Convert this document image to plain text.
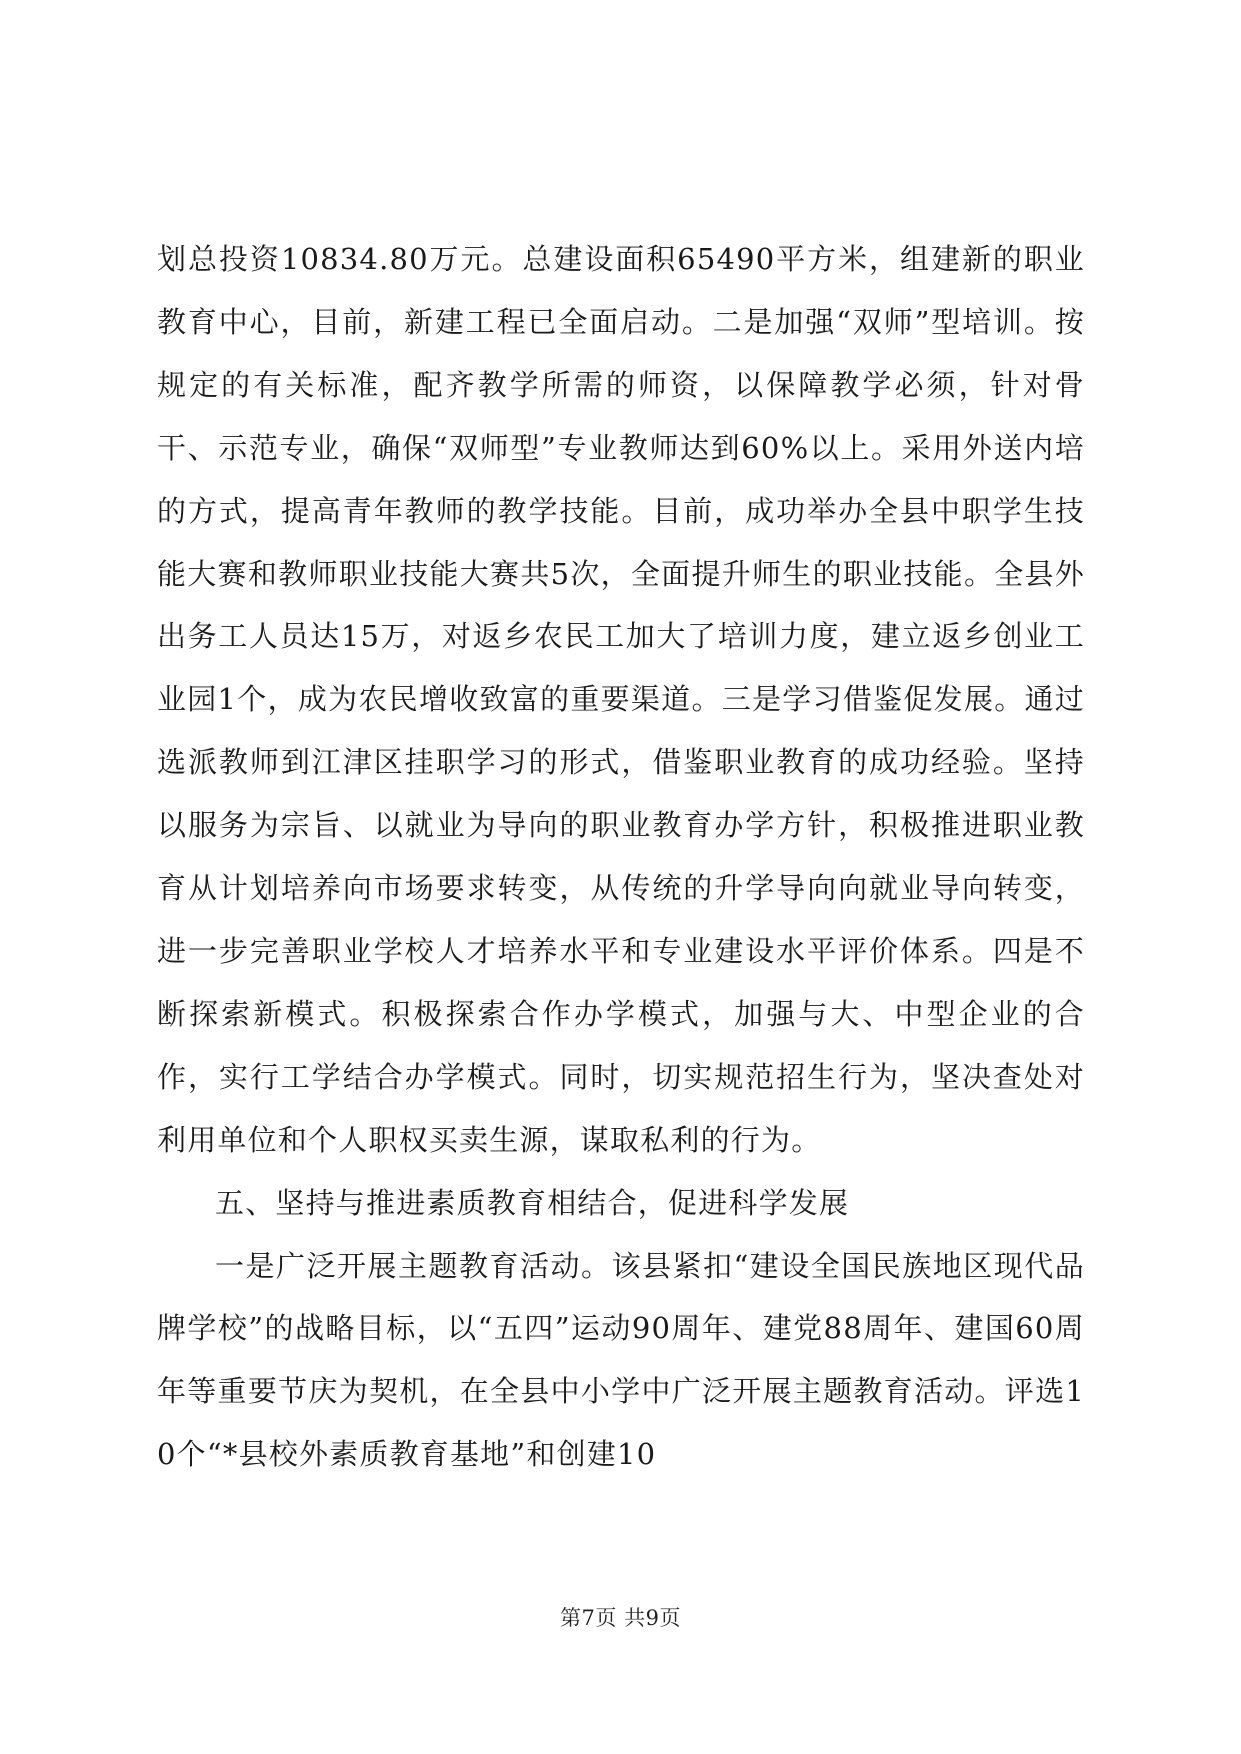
划总投资10834.80万元。总建设面积65490平方米，组建新的职业教育中心，目前，新建工程已全面启动。二是加强“双师”型培训。按规定的有关标准，配齐教学所需的师资，以保障教学必须，针对骨干、示范专业，确保“双师型”专业教师达到60%以上。采用外送内培的方式，提高青年教师的教学技能。目前，成功举办全县中职学生技能大赛和教师职业技能大赛共5次，全面提升师生的职业技能。全县外出务工人员达15万，对返乡农民工加大了培训力度，建立返乡创业工业园1个，成为农民增收致富的重要渠道。三是学习借鉴促发展。通过选派教师到江津区挂职学习的形式，借鉴职业教育的成功经验。坚持以服务为宗旨、以就业为导向的职业教育办学方针，积极推进职业教育从计划培养向市场要求转变，从传统的升学导向向就业导向转变，进一步完善职业学校人才培养水平和专业建设水平评价体系。四是不断探索新模式。积极探索合作办学模式，加强与大、中型企业的合作，实行工学结合办学模式。同时，切实规范招生行为，坚决查处对利用单位和个人职权买卖生源，谋取私利的行为。

五、坚持与推进素质教育相结合，促进科学发展

一是广泛开展主题教育活动。该县紧扣“建设全国民族地区现代品牌学校”的战略目标，以“五四”运动90周年、建党88周年、建国60周年等重要节庆为契机，在全县中小学中广泛开展主题教育活动。评选10个“*县校外素质教育基地”和创建10

第7页 共9页
